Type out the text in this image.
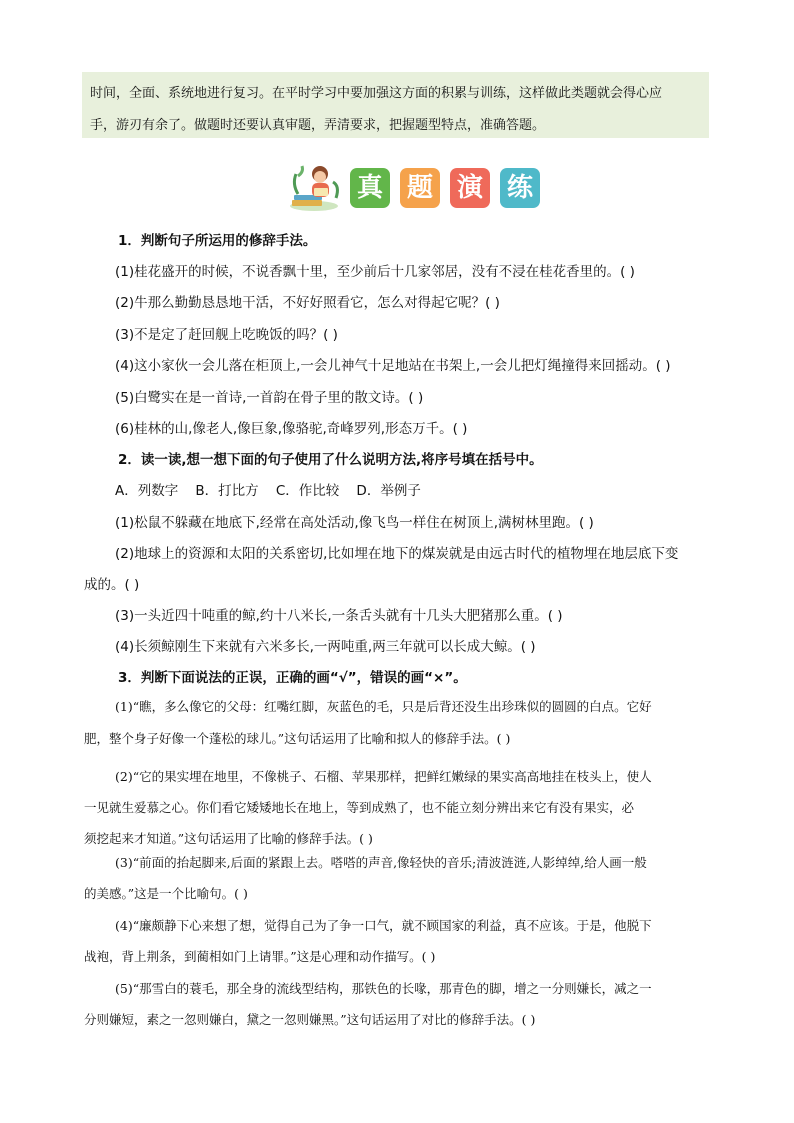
时间，全面、系统地进行复习。在平时学习中要加强这方面的积累与训练，这样做此类题就会得心应
手，游刃有余了。做题时还要认真审题，弄清要求，把握题型特点，准确答题。
真 题 演 练
1．判断句子所运用的修辞手法。
(1)桂花盛开的时候，不说香飘十里，至少前后十几家邻居，没有不浸在桂花香里的。( )
(2)牛那么勤勤恳恳地干活，不好好照看它，怎么对得起它呢？( )
(3)不是定了赶回舰上吃晚饭的吗？( )
(4)这小家伙一会儿落在柜顶上,一会儿神气十足地站在书架上,一会儿把灯绳撞得来回摇动。( )
(5)白鹭实在是一首诗,一首韵在骨子里的散文诗。( )
(6)桂林的山,像老人,像巨象,像骆驼,奇峰罗列,形态万千。( )
2．读一读,想一想下面的句子使用了什么说明方法,将序号填在括号中。
A．列数字    B．打比方    C．作比较    D．举例子
(1)松鼠不躲藏在地底下,经常在高处活动,像飞鸟一样住在树顶上,满树林里跑。( )
(2)地球上的资源和太阳的关系密切,比如埋在地下的煤炭就是由远古时代的植物埋在地层底下变
成的。( )
(3)一头近四十吨重的鲸,约十八米长,一条舌头就有十几头大肥猪那么重。( )
(4)长须鲸刚生下来就有六米多长,一两吨重,两三年就可以长成大鲸。( )
3．判断下面说法的正误，正确的画“√”，错误的画“×”。
(1)“瞧，多么像它的父母：红嘴红脚，灰蓝色的毛，只是后背还没生出珍珠似的圆圆的白点。它好
肥，整个身子好像一个蓬松的球儿。”这句话运用了比喻和拟人的修辞手法。( )
(2)“它的果实埋在地里，不像桃子、石榴、苹果那样，把鲜红嫩绿的果实高高地挂在枝头上，使人
一见就生爱慕之心。你们看它矮矮地长在地上，等到成熟了，也不能立刻分辨出来它有没有果实，必
须挖起来才知道。”这句话运用了比喻的修辞手法。( )
(3)“前面的抬起脚来,后面的紧跟上去。嗒嗒的声音,像轻快的音乐;清波涟涟,人影绰绰,给人画一般
的美感。”这是一个比喻句。( )
(4)“廉颇静下心来想了想，觉得自己为了争一口气，就不顾国家的利益，真不应该。于是，他脱下
战袍，背上荆条，到蔺相如门上请罪。”这是心理和动作描写。( )
(5)“那雪白的蓑毛，那全身的流线型结构，那铁色的长喙，那青色的脚，增之一分则嫌长，减之一
分则嫌短，素之一忽则嫌白，黛之一忽则嫌黑。”这句话运用了对比的修辞手法。( )
